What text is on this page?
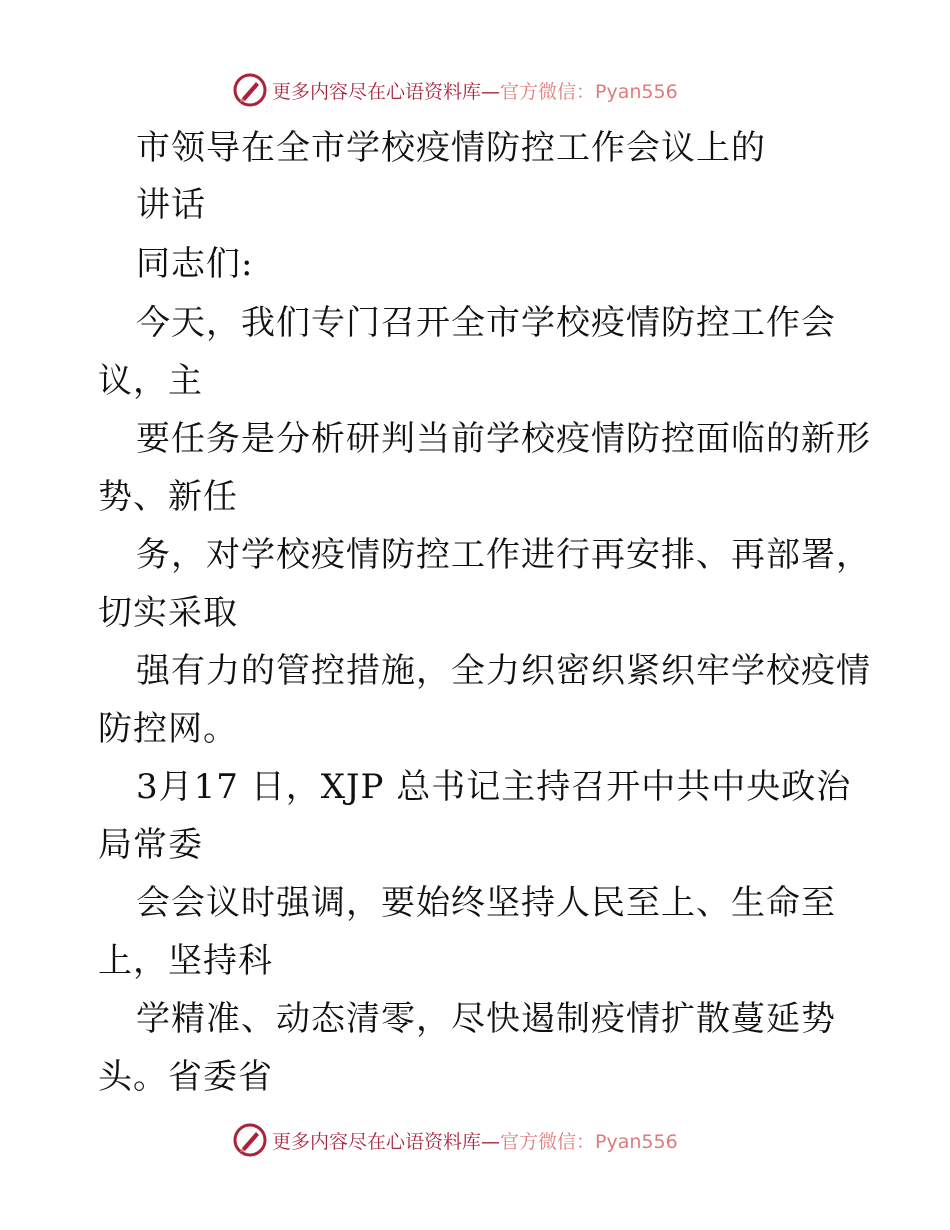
更多内容尽在心语资料库—官方微信：Pyan556
市领导在全市学校疫情防控工作会议上的
讲话
同志们:
今天，我们专门召开全市学校疫情防控工作会
议，主
要任务是分析研判当前学校疫情防控面临的新形
势、新任
务，对学校疫情防控工作进行再安排、再部署，
切实采取
强有力的管控措施，全力织密织紧织牢学校疫情
防控网。
3月17 日，XJP 总书记主持召开中共中央政治
局常委
会会议时强调，要始终坚持人民至上、生命至
上，坚持科
学精准、动态清零，尽快遏制疫情扩散蔓延势
头。省委省
更多内容尽在心语资料库—官方微信：Pyan556
